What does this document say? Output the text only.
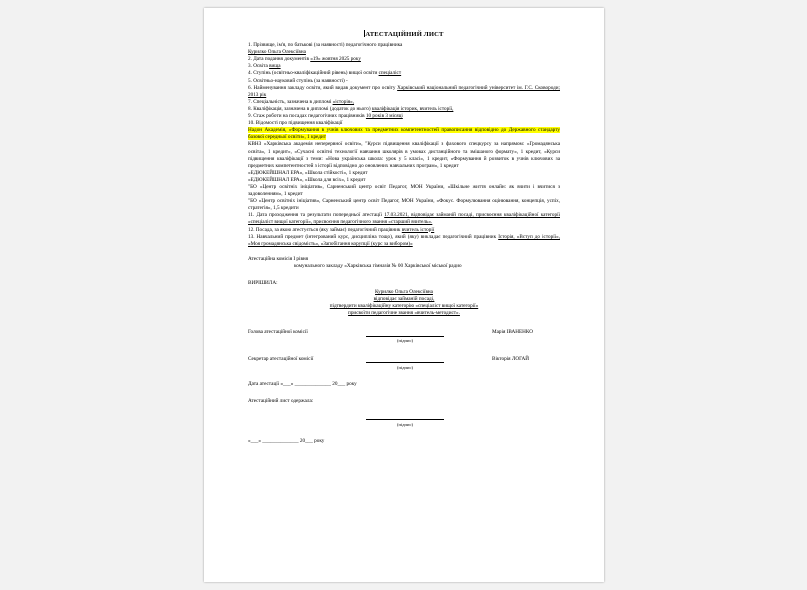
АТЕСТАЦІЙНИЙ ЛИСТ

1. Прізвище, ім'я, по батькові (за наявності) педагогічного працівника

Курилко Ольга Олексіївна

2. Дата подання документів «19» жовтня 2025 року

3. Освіта вища

4. Ступінь (освітньо-кваліфікаційний рівень) вищої освіти спеціаліст

5. Освітньо-науковий ступінь (за наявності) -

6. Найменування закладу освіти, який видав документ про освіту Харківський національний педагогічний університет ім. Г.С. Сковороди; 2013 рік

7. Спеціальність, зазначена в дипломі «історія»,

8. Кваліфікація, зазначена в дипломі (додаток до нього) кваліфікація історик, вчитель історії,

9. Стаж роботи на посадах педагогічних працівників 10 років 3 місяці

10. Відомості про підвищення кваліфікації

Надон Академія, «Формування в учнів ключових та предметних компетентностей правописання відповідно до Державного стандарту базової середньої освіти», 1 кредит

КВНЗ «Харківська академія неперервної освіти», "Курси підвищення кваліфікації з фахового спецкурсу за напрямом: «Громадянська освіта», 1 кредит», «Сучасні освітні технології навчання школярів в умовах дистанційного та змішаного формату», 1 кредит, «Курси підвищення кваліфікації з теми: «Нова українська школа: урок у 5 класі», 1 кредит, «Формування й розвиток в учнів ключових за предметних компетентностей з історії відповідно до оновлених навчальних програм», 1 кредит

«ЕДЮКЕЙШНАЛ ЕРА», «Школа стійкості», 1 кредит

«ЕДЮКЕЙШНАЛ ЕРА», «Школа для всіх», 1 кредит

"БО «Центр освітніх ініціатив», Сарненський центр освіт Педагог, МОН України, «Шкільне життя онлайн: як вчити і вчитися з задоволенням», 1 кредит

"БО «Центр освітніх ініціатив», Сарненський центр освіт Педагог, МОН України, «Фокус. Формулювання оцінювання, концепція, успіх, стратегія», 1,5 кредити

11. Дата проходження та результати попередньої атестації 17.03.2021, відповідає займаній посаді, присвоєння кваліфікаційної категорії «спеціаліст вищої категорії», присвоєння педагогічного звання «старший вчитель».

12. Посада, за якою атестується (яку займає) педагогічний працівник вчитель історії

13. Навчальний предмет (інтегрований курс, дисципліна тощо), який (яку) викладає педагогічний працівник Історія, «Вступ до історії», «Моя громадянська свідомість», «Запобігання корупції (курс за вибором)»

Атестаційна комісія I рівня

комунального закладу «Харківська гімназія № 00 Харківської міської радио

ВИРІШИЛА:

Курилко Ольга Олексіївна

відповідає займаній посаді,

підтвердити кваліфікаційну категорію «спеціаліст вищої категорії»

присвоїти педагогічне звання «вчитель-методист».

Голова атестаційної комісії	Марія ІВАНЕНКО
(підпис)
Секретар атестаційної комісії	Вікторія ЛОГАЙ
(підпис)

Дата атестації «___» ______________ 20___ року

Атестаційний лист одержала:

(підпис)

«___» ______________ 20___ року
